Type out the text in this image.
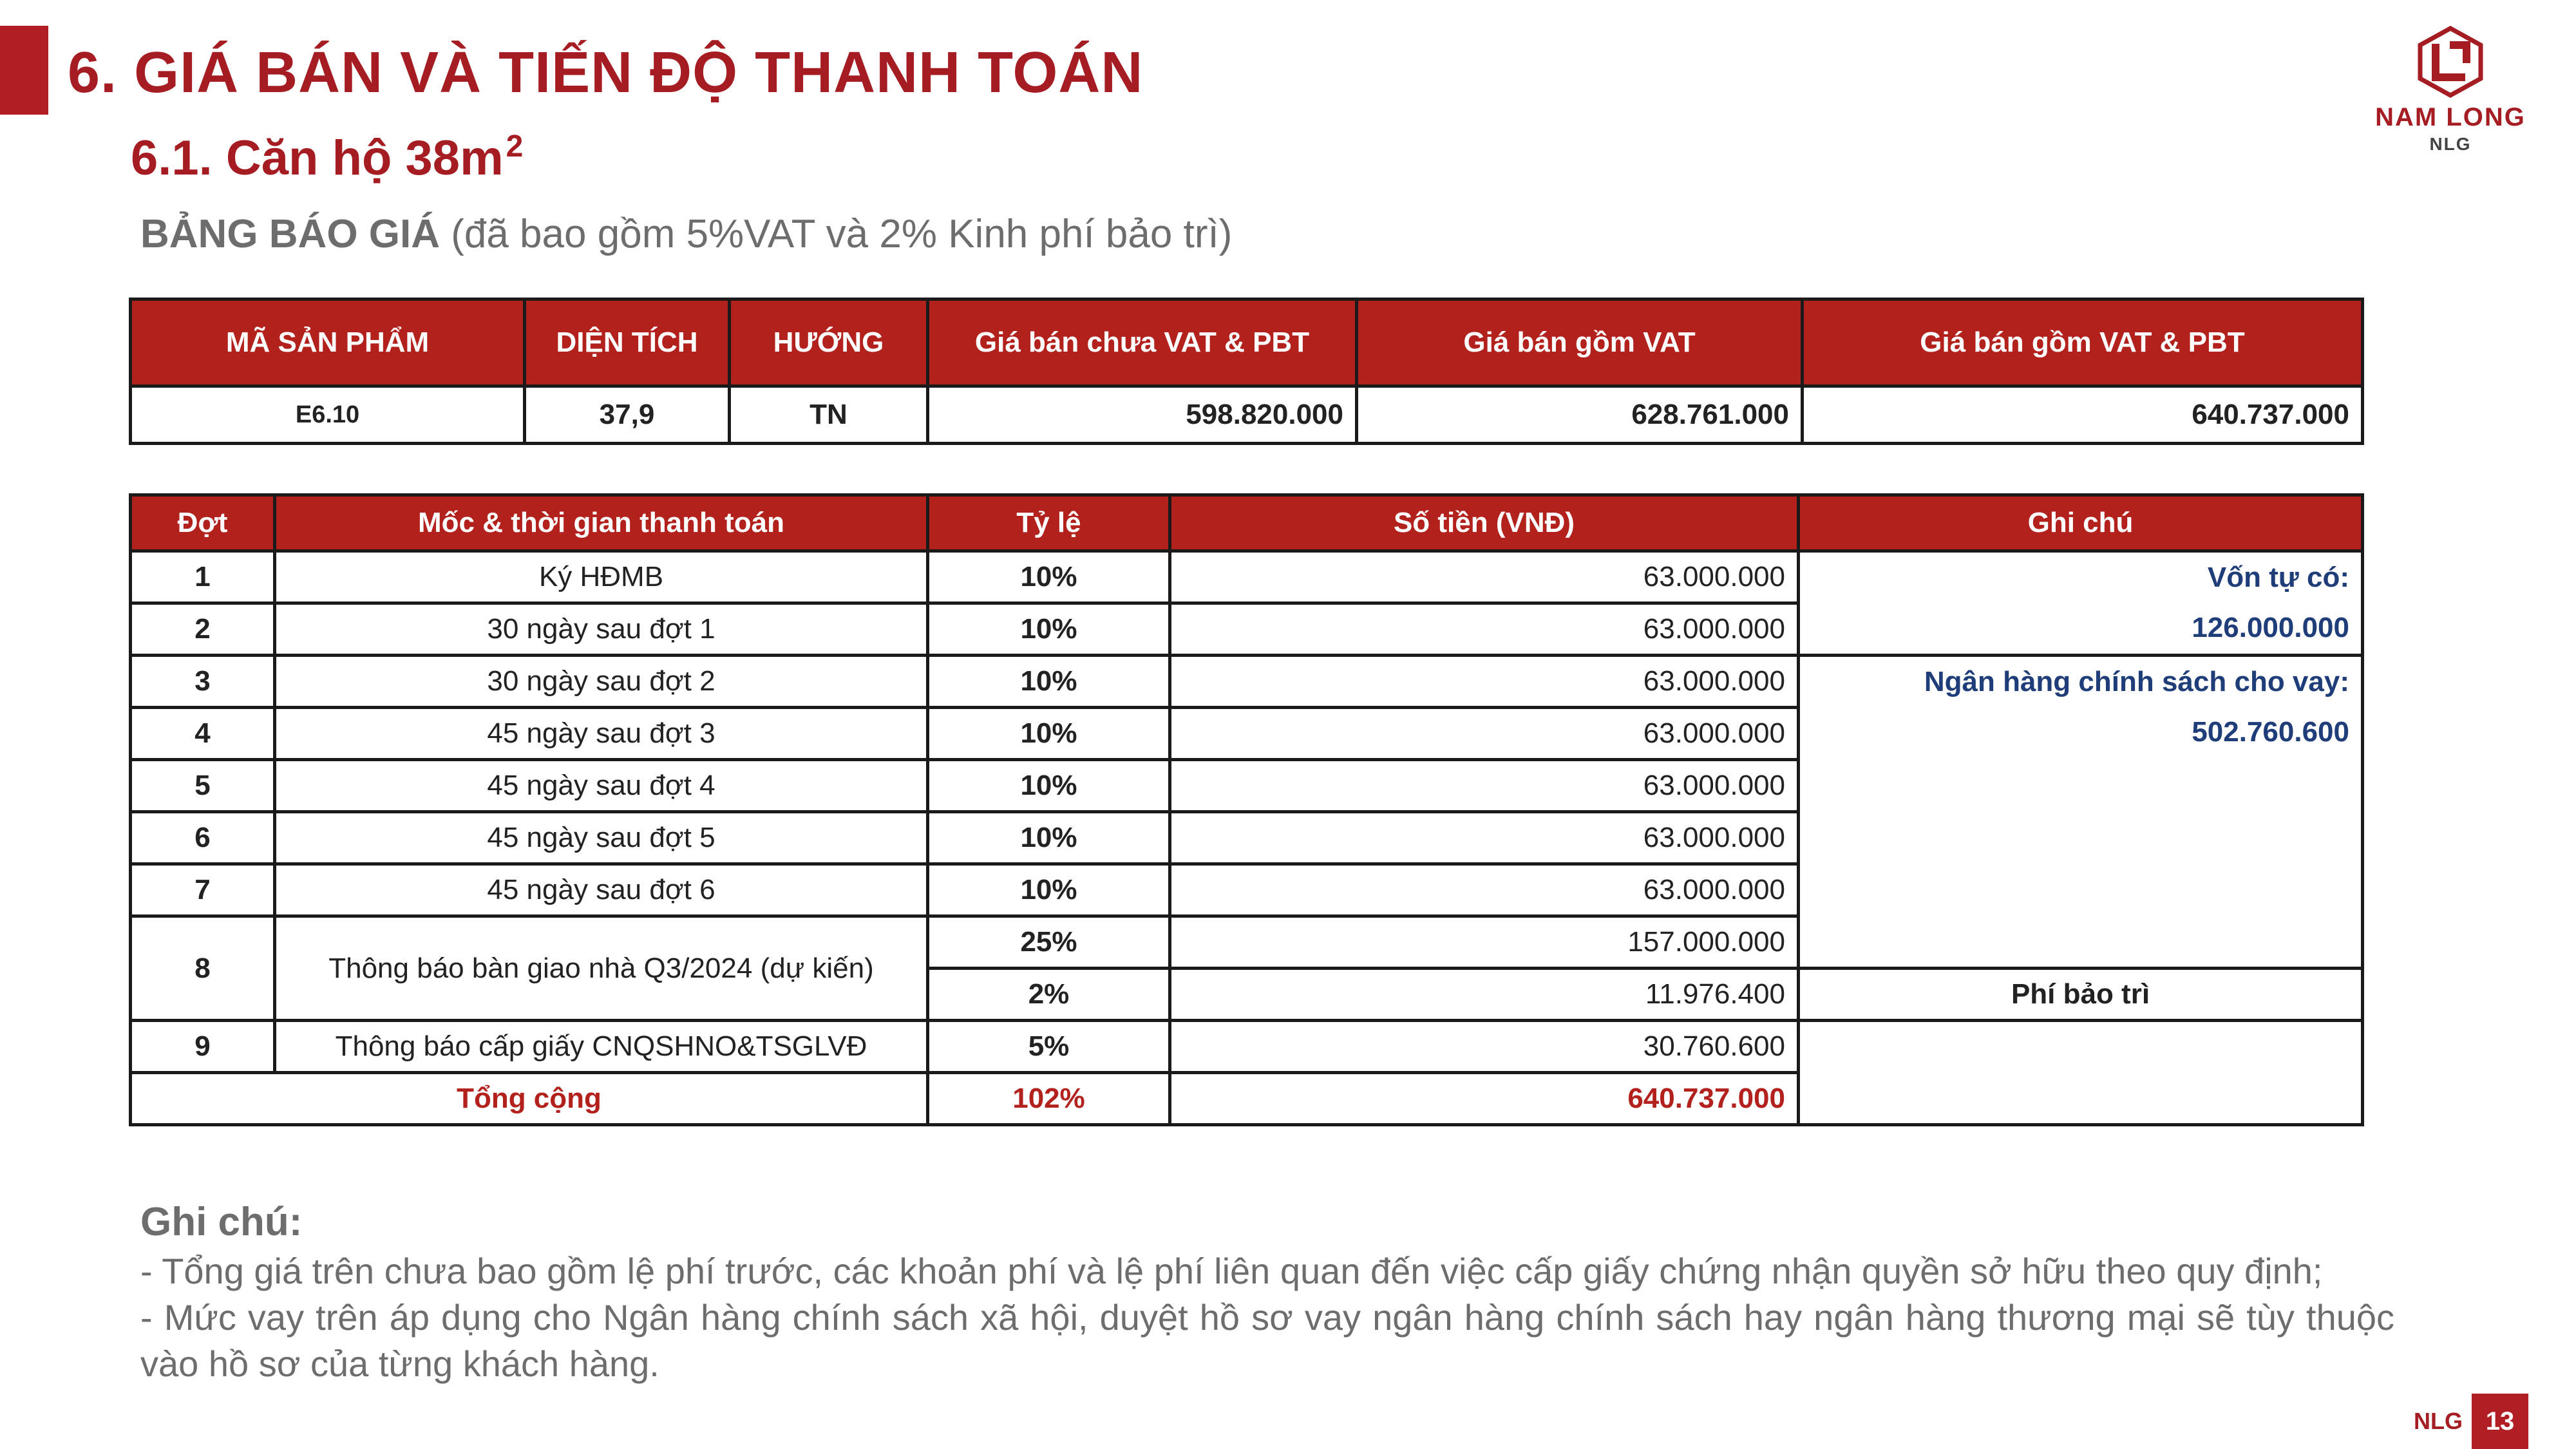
6. GIÁ BÁN VÀ TIẾN ĐỘ THANH TOÁN
6.1. Căn hộ $38m^2$
BẢNG BÁO GIÁ (đã bao gồm 5%VAT và 2% Kinh phí bảo trì)
NAM LONG
NLG
MÃ SẢN PHẨM	DIỆN TÍCH	HƯỚNG	Giá bán chưa VAT & PBT	Giá bán gồm VAT	Giá bán gồm VAT & PBT
E6.10	37,9	TN	598.820.000	628.761.000	640.737.000
Đợt	Mốc & thời gian thanh toán	Tỷ lệ	Số tiền (VNĐ)	Ghi chú
1	Ký HĐMB	10%	63.000.000	Vốn tự có:
126.000.000
2	30 ngày sau đợt 1	10%	63.000.000	
3	30 ngày sau đợt 2	10%	63.000.000	Ngân hàng chính sách cho vay:
502.760.600
4	45 ngày sau đợt 3	10%	63.000.000	
5	45 ngày sau đợt 4	10%	63.000.000	
6	45 ngày sau đợt 5	10%	63.000.000	
7	45 ngày sau đợt 6	10%	63.000.000	
8	Thông báo bàn giao nhà Q3/2024 (dự kiến)	25%	157.000.000	
		2%	11.976.400	Phí bảo trì
9	Thông báo cấp giấy CNQSHNO&TSGLVĐ	5%	30.760.600	
Tổng cộng		102%	640.737.000	
Ghi chú:
- Tổng giá trên chưa bao gồm lệ phí trước, các khoản phí và lệ phí liên quan đến việc cấp giấy chứng nhận quyền sở hữu theo quy định;
- Mức vay trên áp dụng cho Ngân hàng chính sách xã hội, duyệt hồ sơ vay ngân hàng chính sách hay ngân hàng thương mại sẽ tùy thuộc vào hồ sơ của từng khách hàng.
NLG 13
